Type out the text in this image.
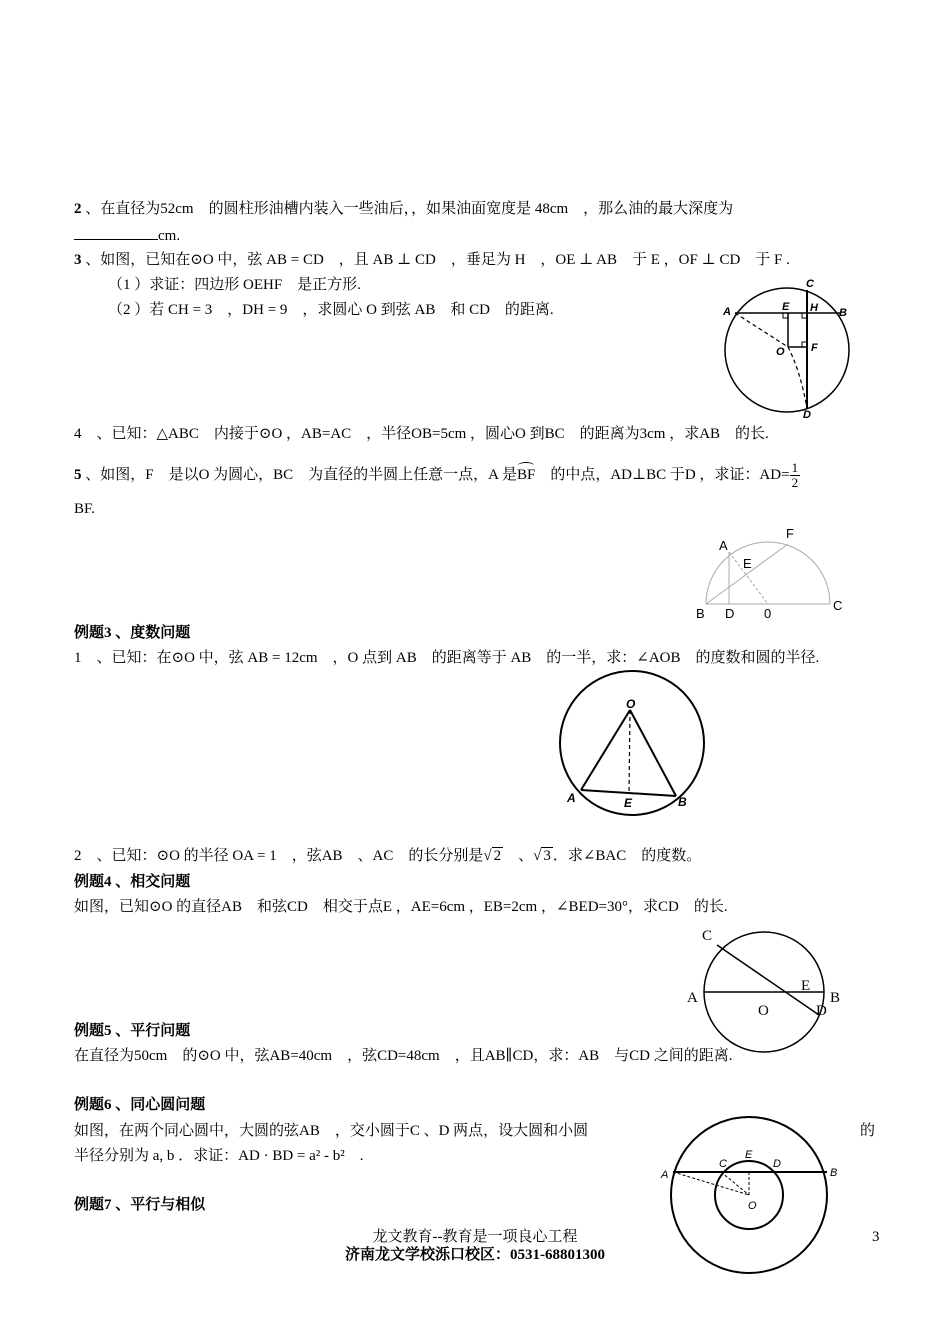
2 、在直径为52cm　的圆柱形油槽内装入一些油后，，如果油面宽度是 48cm　，那么油的最大深度为
cm.
3 、如图，已知在⊙O 中，弦 AB = CD　，且 AB ⊥ CD　，垂足为 H　，OE ⊥ AB　于 E ，OF ⊥ CD　于 F .
（1 ）求证：四边形 OEHF　是正方形.
（2 ）若 CH = 3　，DH = 9　，求圆心 O 到弦 AB　和 CD　的距离.
C
A	E H B
O F
D
4　、已知：△ABC　内接于⊙O ，AB=AC　，半径OB=5cm ，圆心O 到BC　的距离为3cm ，求AB　的长.
5 、如图，F　是以O 为圆心，BC　为直径的半圆上任意一点，A 是BF　的中点，AD⊥BC 于D ，求证：$AD= \frac{1}{2}$
BF.
F
A
E
B D 0
C
例题3 、度数问题
1　、已知：在⊙O 中，弦 AB = 12cm　，O 点到 AB　的距离等于 AB　的一半，求：∠AOB　的度数和圆的半径.
O
A	E	B
2　、已知：⊙O 的半径 OA = 1　，弦AB　、AC　的长分别是√ 2　、√ 3 ．求∠BAC　的度数。
例题4 、相交问题
如图，已知⊙O 的直径AB　和弦CD　相交于点E ，AE=6cm ，EB=2cm ，∠BED=30°，求CD　的长.
C
E
A	B
O	D
例题5 、平行问题
在直径为50cm　的⊙O 中，弦AB=40cm　，弦CD=48cm　，且AB∥CD，求：AB　与CD 之间的距离.
例题6 、同心圆问题
如图，在两个同心圆中，大圆的弦AB　，交小圆于C 、D 两点，设大圆和小圆	的
半径分别为 a, b ．求证：AD · BD = a² - b²　.
A
C
E
D
B
O
例题7 、平行与相似
龙文教育--教育是一项良心工程
济南龙文学校泺口校区：0531-68801300
3
